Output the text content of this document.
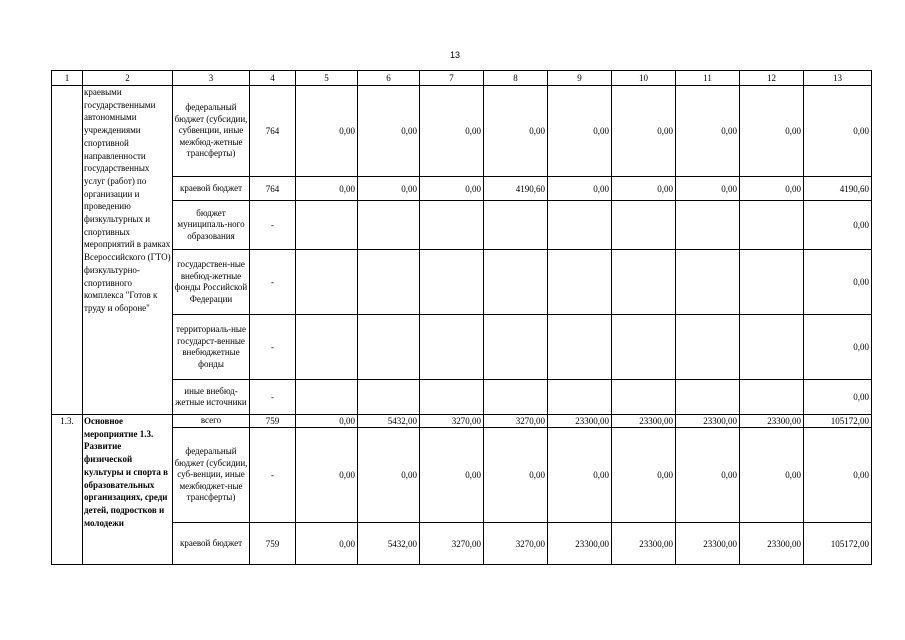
13
1	2	3	4	5	6	7	8	9	10	11	12	13
	краевыми государственными автономными учреждениями спортивной направленности государственных услуг (работ) по организации и проведению физкультурных и спортивных мероприятий в рамках Всероссийского (ГТО) физкультурно-спортивного комплекса "Готов к труду и обороне"	федеральный бюджет (субсидии, субвенции, иные межбюд-жетные трансферты)	764	0,00	0,00	0,00	0,00	0,00	0,00	0,00	0,00	0,00
		краевой бюджет	764	0,00	0,00	0,00	4190,60	0,00	0,00	0,00	0,00	4190,60
		бюджет муниципаль-ного образования	-									0,00
		государствен-ные внебюд-жетные фонды Российской Федерации	-									0,00
		территориаль-ные государст-венные внебюджетные фонды	-									0,00
		иные внебюд-жетные источники	-									0,00
1.3.	Основное мероприятие 1.3. Развитие физической культуры и спорта в образовательных организациях, среди детей, подростков и молодежи	всего	759	0,00	5432,00	3270,00	3270,00	23300,00	23300,00	23300,00	23300,00	105172,00
		федеральный бюджет (субсидии, суб-венции, иные межбюджет-ные трансферты)	-	0,00	0,00	0,00	0,00	0,00	0,00	0,00	0,00	0,00
		краевой бюджет	759	0,00	5432,00	3270,00	3270,00	23300,00	23300,00	23300,00	23300,00	105172,00
